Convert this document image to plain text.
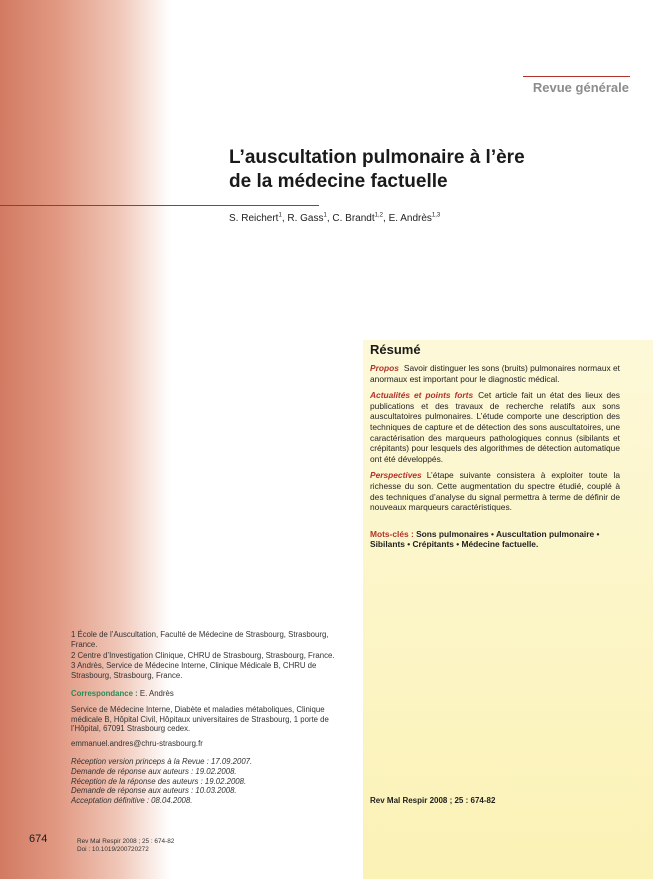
Revue générale
L’auscultation pulmonaire à l’ère
de la médecine factuelle
S. Reichert$^1$, R. Gass$^1$, C. Brandt$^{1,2}$, E. Andrès$^{1,3}$
Résumé

Propos Savoir distinguer les sons (bruits) pulmonaires normaux et anormaux est important pour le diagnostic médical.

Actualités et points forts Cet article fait un état des lieux des publications et des travaux de recherche relatifs aux sons auscultatoires pulmonaires. L’étude comporte une description des techniques de capture et de détection des sons auscultatoires, une caractérisation des marqueurs pathologiques connus (sibilants et crépitants) pour lesquels des algorithmes de détection automatique ont été développés.

Perspectives L’étape suivante consistera à exploiter toute la richesse du son. Cette augmentation du spectre étudié, couplé à des techniques d’analyse du signal permettra à terme de définir de nouveaux marqueurs caractéristiques.

Mots-clés : Sons pulmonaires • Auscultation pulmonaire • Sibilants • Crépitants • Médecine factuelle.

Rev Mal Respir 2008 ; 25 : 674-82

1 École de l’Auscultation, Faculté de Médecine de Strasbourg, Strasbourg, France.

2 Centre d’Investigation Clinique, CHRU de Strasbourg, Strasbourg, France.

3 Andrès, Service de Médecine Interne, Clinique Médicale B, CHRU de Strasbourg, Strasbourg, France.

Correspondance : E. Andrès
Service de Médecine Interne, Diabète et maladies métaboliques, Clinique médicale B, Hôpital Civil, Hôpitaux universitaires de Strasbourg, 1 porte de l’Hôpital, 67091 Strasbourg cedex.
emmanuel.andres@chru-strasbourg.fr
Réception version princeps à la Revue : 17.09.2007.
Demande de réponse aux auteurs : 19.02.2008.
Réception de la réponse des auteurs : 19.02.2008.
Demande de réponse aux auteurs : 10.03.2008.
Acceptation définitive : 08.04.2008.
674	Rev Mal Respir 2008 ; 25 : 674-82
Doi : 10.1019/200720272
